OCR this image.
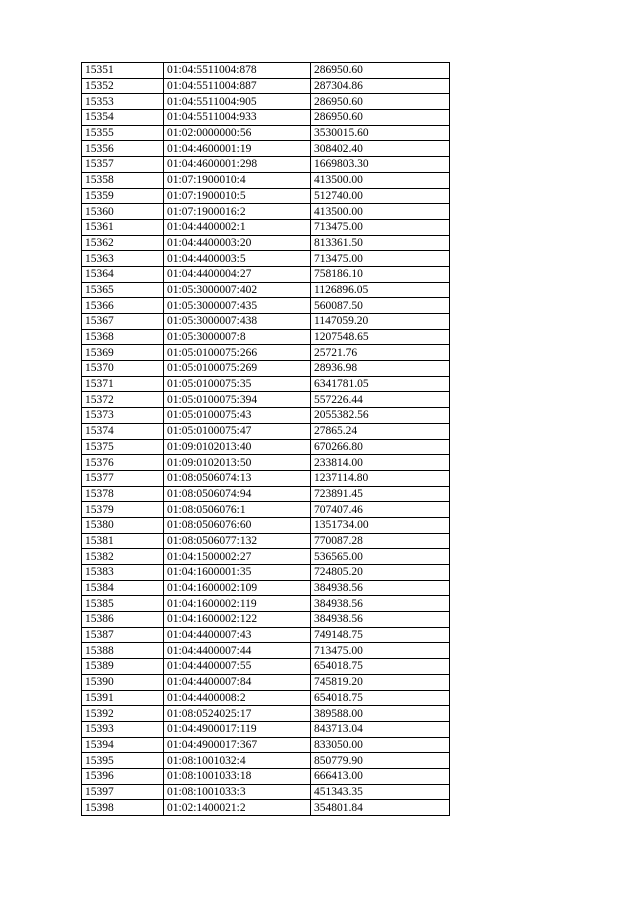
15351	01:04:5511004:878	286950.60
15352	01:04:5511004:887	287304.86
15353	01:04:5511004:905	286950.60
15354	01:04:5511004:933	286950.60
15355	01:02:0000000:56	3530015.60
15356	01:04:4600001:19	308402.40
15357	01:04:4600001:298	1669803.30
15358	01:07:1900010:4	413500.00
15359	01:07:1900010:5	512740.00
15360	01:07:1900016:2	413500.00
15361	01:04:4400002:1	713475.00
15362	01:04:4400003:20	813361.50
15363	01:04:4400003:5	713475.00
15364	01:04:4400004:27	758186.10
15365	01:05:3000007:402	1126896.05
15366	01:05:3000007:435	560087.50
15367	01:05:3000007:438	1147059.20
15368	01:05:3000007:8	1207548.65
15369	01:05:0100075:266	25721.76
15370	01:05:0100075:269	28936.98
15371	01:05:0100075:35	6341781.05
15372	01:05:0100075:394	557226.44
15373	01:05:0100075:43	2055382.56
15374	01:05:0100075:47	27865.24
15375	01:09:0102013:40	670266.80
15376	01:09:0102013:50	233814.00
15377	01:08:0506074:13	1237114.80
15378	01:08:0506074:94	723891.45
15379	01:08:0506076:1	707407.46
15380	01:08:0506076:60	1351734.00
15381	01:08:0506077:132	770087.28
15382	01:04:1500002:27	536565.00
15383	01:04:1600001:35	724805.20
15384	01:04:1600002:109	384938.56
15385	01:04:1600002:119	384938.56
15386	01:04:1600002:122	384938.56
15387	01:04:4400007:43	749148.75
15388	01:04:4400007:44	713475.00
15389	01:04:4400007:55	654018.75
15390	01:04:4400007:84	745819.20
15391	01:04:4400008:2	654018.75
15392	01:08:0524025:17	389588.00
15393	01:04:4900017:119	843713.04
15394	01:04:4900017:367	833050.00
15395	01:08:1001032:4	850779.90
15396	01:08:1001033:18	666413.00
15397	01:08:1001033:3	451343.35
15398	01:02:1400021:2	354801.84
